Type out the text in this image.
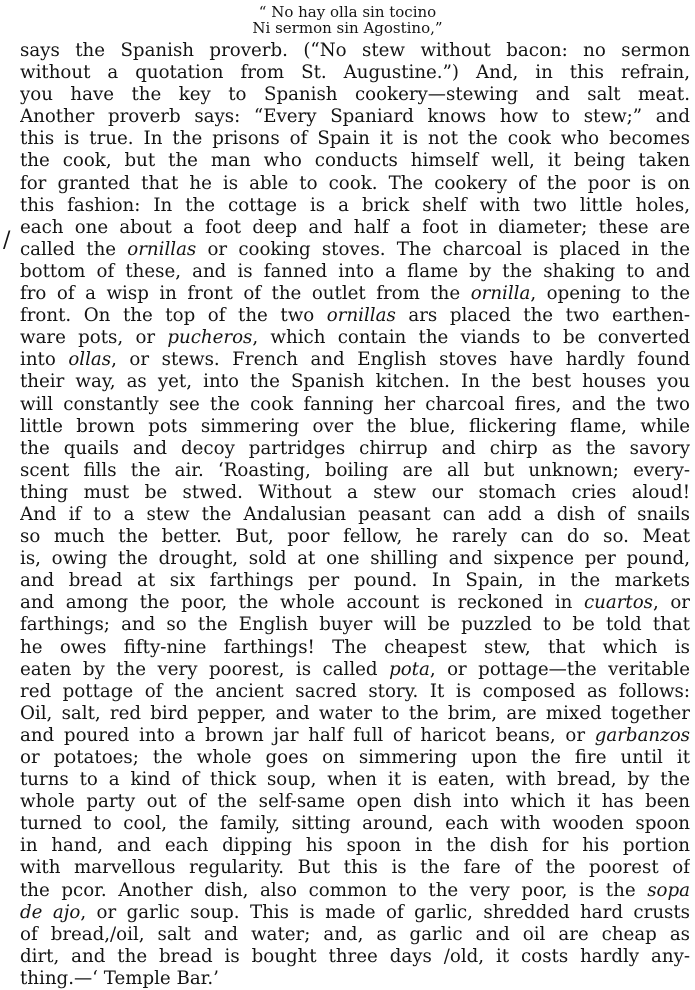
“ No hay olla sin tocino
Ni sermon sin Agostino,”
/
says the Spanish proverb. (“No stew without bacon: no sermon
without a quotation from St. Augustine.”) And, in this refrain,
you have the key to Spanish cookery—stewing and salt meat.
Another proverb says: “Every Spaniard knows how to stew;” and
this is true. In the prisons of Spain it is not the cook who becomes
the cook, but the man who conducts himself well, it being taken
for granted that he is able to cook. The cookery of the poor is on
this fashion: In the cottage is a brick shelf with two little holes,
each one about a foot deep and half a foot in diameter; these are
called the ornillas or cooking stoves. The charcoal is placed in the
bottom of these, and is fanned into a flame by the shaking to and
fro of a wisp in front of the outlet from the ornilla, opening to the
front. On the top of the two ornillas ars placed the two earthen-
ware pots, or pucheros, which contain the viands to be converted
into ollas, or stews. French and English stoves have hardly found
their way, as yet, into the Spanish kitchen. In the best houses you
will constantly see the cook fanning her charcoal fires, and the two
little brown pots simmering over the blue, flickering flame, while
the quails and decoy partridges chirrup and chirp as the savory
scent fills the air. ‘Roasting, boiling are all but unknown; every-
thing must be stwed. Without a stew our stomach cries aloud!
And if to a stew the Andalusian peasant can add a dish of snails
so much the better. But, poor fellow, he rarely can do so. Meat
is, owing the drought, sold at one shilling and sixpence per pound,
and bread at six farthings per pound. In Spain, in the markets
and among the poor, the whole account is reckoned in cuartos, or
farthings; and so the English buyer will be puzzled to be told that
he owes fifty-nine farthings! The cheapest stew, that which is
eaten by the very poorest, is called pota, or pottage—the veritable
red pottage of the ancient sacred story. It is composed as follows:
Oil, salt, red bird pepper, and water to the brim, are mixed together
and poured into a brown jar half full of haricot beans, or garbanzos
or potatoes; the whole goes on simmering upon the fire until it
turns to a kind of thick soup, when it is eaten, with bread, by the
whole party out of the self-same open dish into which it has been
turned to cool, the family, sitting around, each with wooden spoon
in hand, and each dipping his spoon in the dish for his portion
with marvellous regularity. But this is the fare of the poorest of
the pcor. Another dish, also common to the very poor, is the sopa
de ajo, or garlic soup. This is made of garlic, shredded hard crusts
of bread,/oil, salt and water; and, as garlic and oil are cheap as
dirt, and the bread is bought three days /old, it costs hardly any-
thing.—‘ Temple Bar.’
